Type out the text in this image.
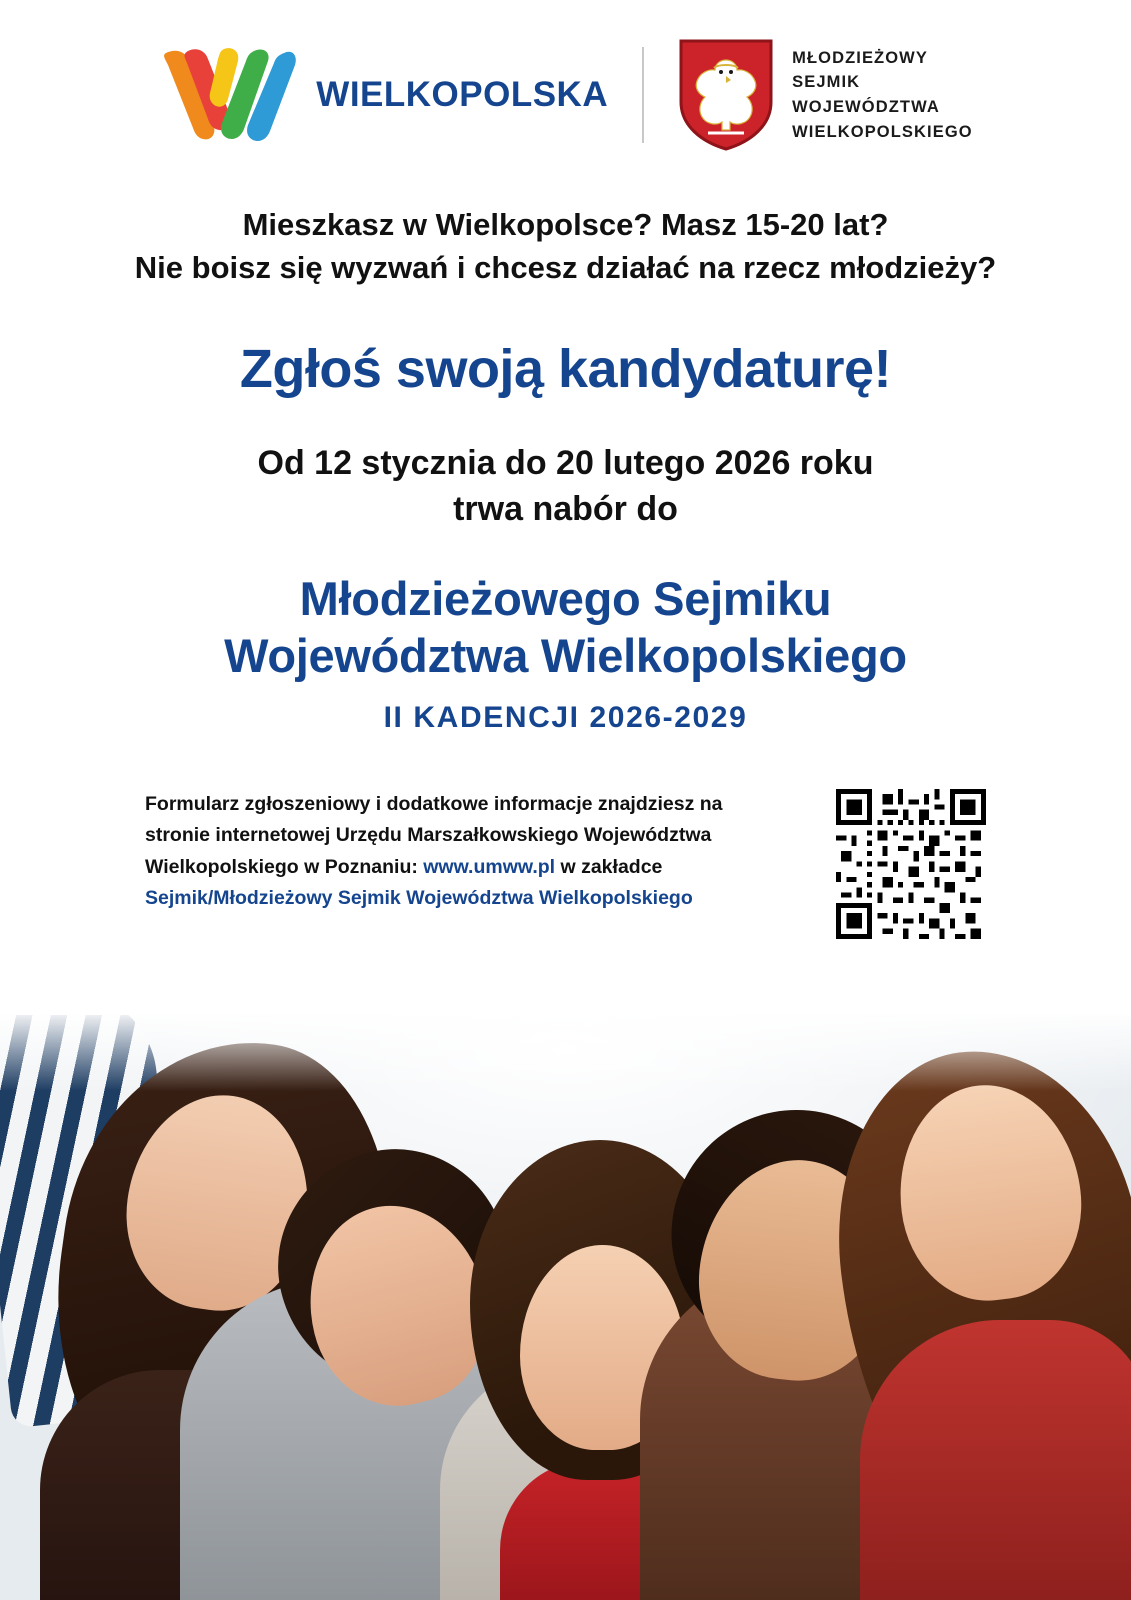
WIELKOPOLSKA
MŁODZIEŻOWY
SEJMIK
WOJEWÓDZTWA
WIELKOPOLSKIEGO
Mieszkasz w Wielkopolsce? Masz 15-20 lat?
Nie boisz się wyzwań i chcesz działać na rzecz młodzieży?
Zgłoś swoją kandydaturę!
Od 12 stycznia do 20 lutego 2026 roku
trwa nabór do
Młodzieżowego Sejmiku
Województwa Wielkopolskiego
II KADENCJI 2026-2029
Formularz zgłoszeniowy i dodatkowe informacje znajdziesz na stronie internetowej Urzędu Marszałkowskiego Województwa Wielkopolskiego w Poznaniu: www.umww.pl w zakładce
Sejmik/Młodzieżowy Sejmik Województwa Wielkopolskiego
